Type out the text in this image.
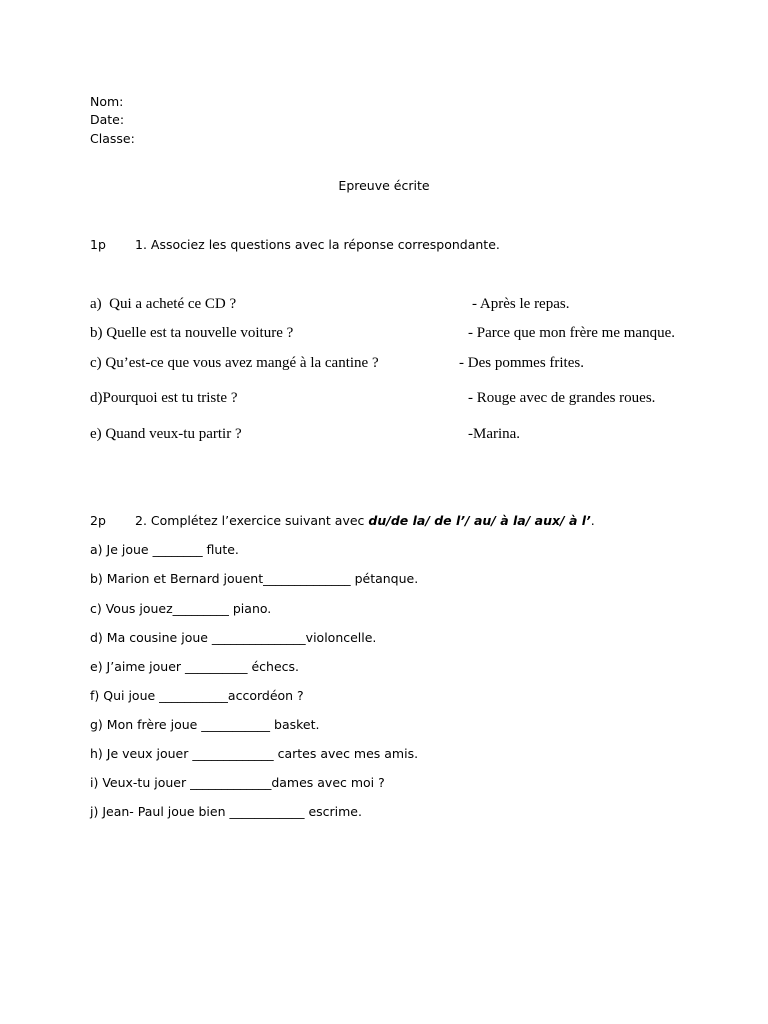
Nom:
Date:
Classe:
Epreuve écrite
1p 1. Associez les questions avec la réponse correspondante.
a)  Qui a acheté ce CD ?
b) Quelle est ta nouvelle voiture ?
c) Qu’est-ce que vous avez mangé à la cantine ?
d)Pourquoi est tu triste ?
e) Quand veux-tu partir ?
- Après le repas.
- Parce que mon frère me manque.
- Des pommes frites.
- Rouge avec de grandes roues.
-Marina.
2p 2. Complétez l’exercice suivant avec du/de la/ de l’/ au/ à la/ aux/ à l’.
a) Je joue ________ flute.
b) Marion et Bernard jouent______________ pétanque.
c) Vous jouez_________ piano.
d) Ma cousine joue _______________violoncelle.
e) J’aime jouer __________ échecs.
f) Qui joue ___________accordéon ?
g) Mon frère joue ___________ basket.
h) Je veux jouer _____________ cartes avec mes amis.
i) Veux-tu jouer _____________dames avec moi ?
j) Jean- Paul joue bien ____________ escrime.
